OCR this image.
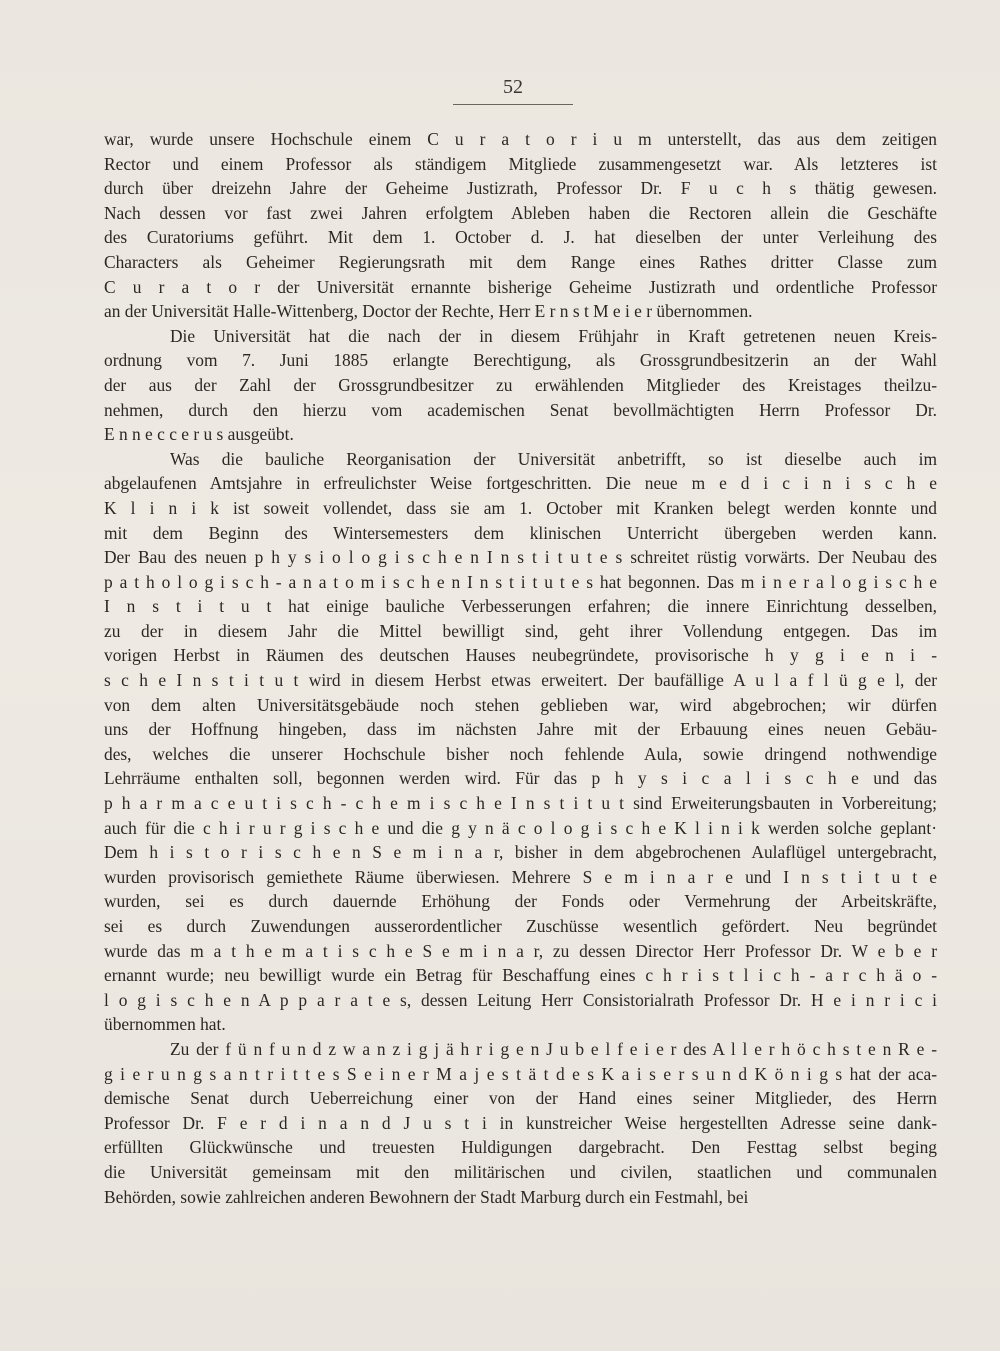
52
war, wurde unsere Hochschule einem C u r a t o r i u m unterstellt, das aus dem zeitigen
Rector und einem Professor als ständigem Mitgliede zusammengesetzt war. Als letzteres ist
durch über dreizehn Jahre der Geheime Justizrath, Professor Dr. F u c h s thätig gewesen.
Nach dessen vor fast zwei Jahren erfolgtem Ableben haben die Rectoren allein die Geschäfte
des Curatoriums geführt. Mit dem 1. October d. J. hat dieselben der unter Verleihung des
Characters als Geheimer Regierungsrath mit dem Range eines Rathes dritter Classe zum
C u r a t o r der Universität ernannte bisherige Geheime Justizrath und ordentliche Professor
an der Universität Halle-Wittenberg, Doctor der Rechte, Herr E r n s t M e i e r übernommen.
Die Universität hat die nach der in diesem Frühjahr in Kraft getretenen neuen Kreis-
ordnung vom 7. Juni 1885 erlangte Berechtigung, als Grossgrundbesitzerin an der Wahl
der aus der Zahl der Grossgrundbesitzer zu erwählenden Mitglieder des Kreistages theilzu-
nehmen, durch den hierzu vom academischen Senat bevollmächtigten Herrn Professor Dr.
E n n e c c e r u s ausgeübt.
Was die bauliche Reorganisation der Universität anbetrifft, so ist dieselbe auch im
abgelaufenen Amtsjahre in erfreulichster Weise fortgeschritten. Die neue m e d i c i n i s c h e
K l i n i k ist soweit vollendet, dass sie am 1. October mit Kranken belegt werden konnte und
mit dem Beginn des Wintersemesters dem klinischen Unterricht übergeben werden kann.
Der Bau des neuen p h y s i o l o g i s c h e n I n s t i t u t e s schreitet rüstig vorwärts. Der Neubau des
p a t h o l o g i s c h - a n a t o m i s c h e n I n s t i t u t e s hat begonnen. Das m i n e r a l o g i s c h e
I n s t i t u t hat einige bauliche Verbesserungen erfahren; die innere Einrichtung desselben,
zu der in diesem Jahr die Mittel bewilligt sind, geht ihrer Vollendung entgegen. Das im
vorigen Herbst in Räumen des deutschen Hauses neubegründete, provisorische h y g i e n i -
s c h e I n s t i t u t wird in diesem Herbst etwas erweitert. Der baufällige A u l a f l ü g e l, der
von dem alten Universitätsgebäude noch stehen geblieben war, wird abgebrochen; wir dürfen
uns der Hoffnung hingeben, dass im nächsten Jahre mit der Erbauung eines neuen Gebäu-
des, welches die unserer Hochschule bisher noch fehlende Aula, sowie dringend nothwendige
Lehrräume enthalten soll, begonnen werden wird. Für das p h y s i c a l i s c h e und das
p h a r m a c e u t i s c h - c h e m i s c h e I n s t i t u t sind Erweiterungsbauten in Vorbereitung;
auch für die c h i r u r g i s c h e und die g y n ä c o l o g i s c h e K l i n i k werden solche geplant·
Dem h i s t o r i s c h e n S e m i n a r, bisher in dem abgebrochenen Aulaflügel untergebracht,
wurden provisorisch gemiethete Räume überwiesen. Mehrere S e m i n a r e und I n s t i t u t e
wurden, sei es durch dauernde Erhöhung der Fonds oder Vermehrung der Arbeitskräfte,
sei es durch Zuwendungen ausserordentlicher Zuschüsse wesentlich gefördert. Neu begründet
wurde das m a t h e m a t i s c h e S e m i n a r, zu dessen Director Herr Professor Dr. W e b e r
ernannt wurde; neu bewilligt wurde ein Betrag für Beschaffung eines c h r i s t l i c h - a r c h ä o -
l o g i s c h e n A p p a r a t e s, dessen Leitung Herr Consistorialrath Professor Dr. H e i n r i c i
übernommen hat.
Zu der f ü n f u n d z w a n z i g j ä h r i g e n J u b e l f e i e r des A l l e r h ö c h s t e n R e -
g i e r u n g s a n t r i t t e s S e i n e r M a j e s t ä t d e s K a i s e r s u n d K ö n i g s hat der aca-
demische Senat durch Ueberreichung einer von der Hand eines seiner Mitglieder, des Herrn
Professor Dr. F e r d i n a n d J u s t i in kunstreicher Weise hergestellten Adresse seine dank-
erfüllten Glückwünsche und treuesten Huldigungen dargebracht. Den Festtag selbst beging
die Universität gemeinsam mit den militärischen und civilen, staatlichen und communalen
Behörden, sowie zahlreichen anderen Bewohnern der Stadt Marburg durch ein Festmahl, bei
